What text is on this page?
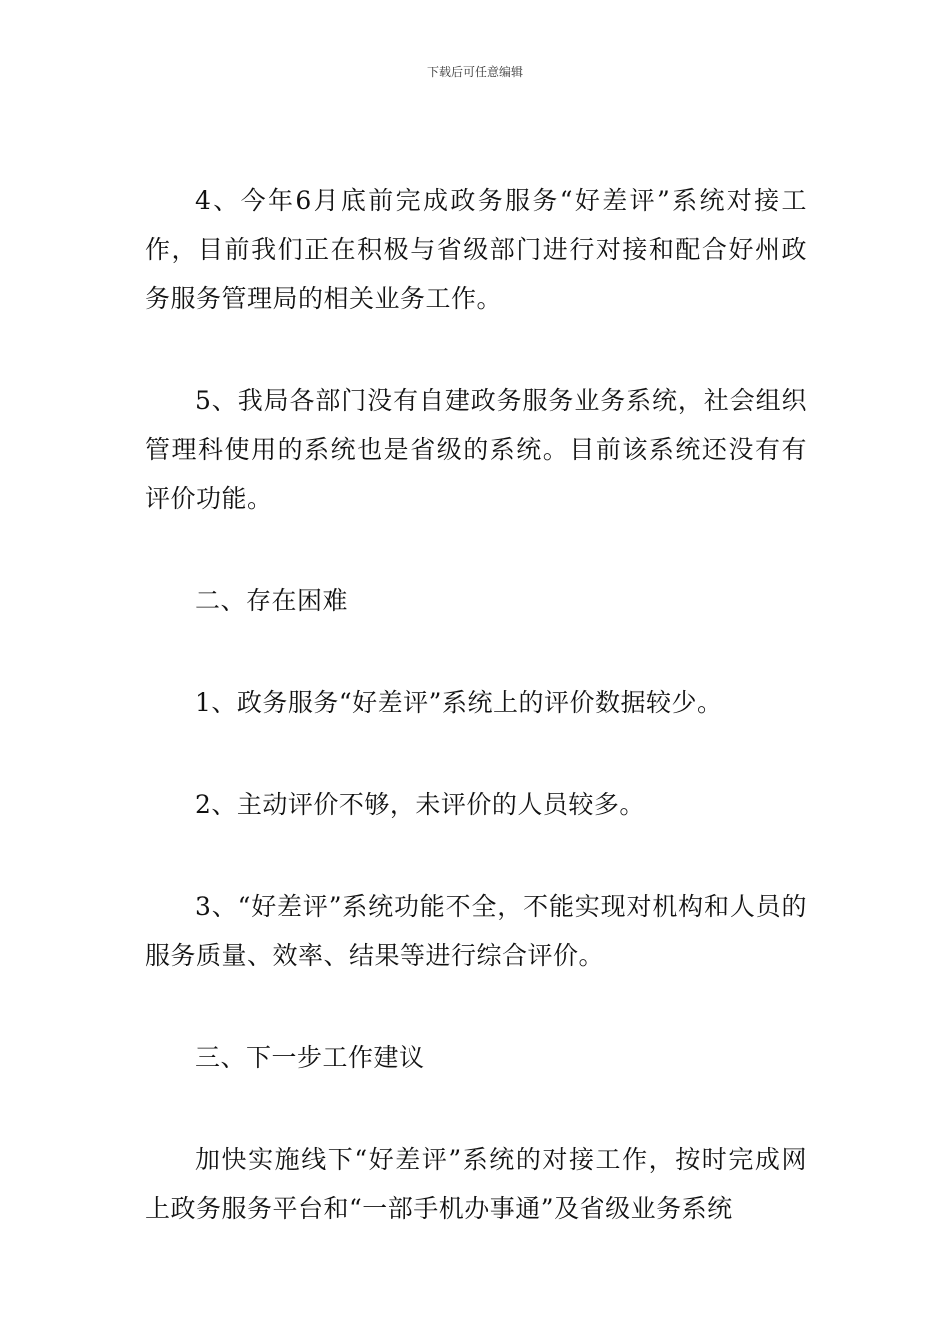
下载后可任意编辑

4、今年6月底前完成政务服务“好差评”系统对接工作，目前我们正在积极与省级部门进行对接和配合好州政务服务管理局的相关业务工作。

5、我局各部门没有自建政务服务业务系统，社会组织管理科使用的系统也是省级的系统。目前该系统还没有有评价功能。

二、存在困难

1、政务服务“好差评”系统上的评价数据较少。

2、主动评价不够，未评价的人员较多。

3、“好差评”系统功能不全，不能实现对机构和人员的服务质量、效率、结果等进行综合评价。

三、下一步工作建议

加快实施线下“好差评”系统的对接工作，按时完成网上政务服务平台和“一部手机办事通”及省级业务系统
